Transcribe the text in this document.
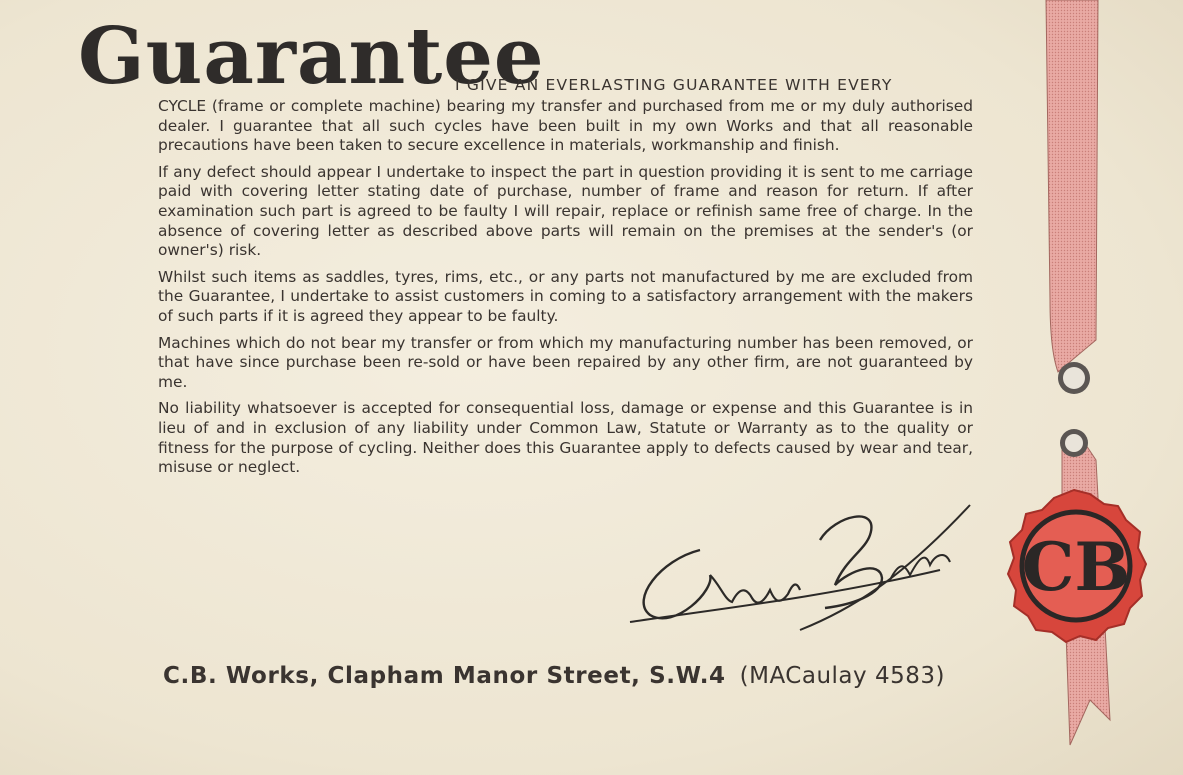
Guarantee
I GIVE AN EVERLASTING GUARANTEE WITH EVERY

CYCLE (frame or complete machine) bearing my transfer and purchased from me or my duly authorised dealer. I guarantee that all such cycles have been built in my own Works and that all reasonable precautions have been taken to secure excellence in materials, workmanship and finish.

If any defect should appear I undertake to inspect the part in question providing it is sent to me carriage paid with covering letter stating date of purchase, number of frame and reason for return. If after examination such part is agreed to be faulty I will repair, replace or refinish same free of charge. In the absence of covering letter as described above parts will remain on the premises at the sender's (or owner's) risk.

Whilst such items as saddles, tyres, rims, etc., or any parts not manufactured by me are excluded from the Guarantee, I undertake to assist customers in coming to a satisfactory arrangement with the makers of such parts if it is agreed they appear to be faulty.

Machines which do not bear my transfer or from which my manufacturing number has been removed, or that have since purchase been re-sold or have been repaired by any other firm, are not guaranteed by me.

No liability whatsoever is accepted for consequential loss, damage or expense and this Guarantee is in lieu of and in exclusion of any liability under Common Law, Statute or Warranty as to the quality or fitness for the purpose of cycling. Neither does this Guarantee apply to defects caused by wear and tear, misuse or neglect.

C.B. Works, Clapham Manor Street, S.W.4 (MACaulay 4583)
CB
